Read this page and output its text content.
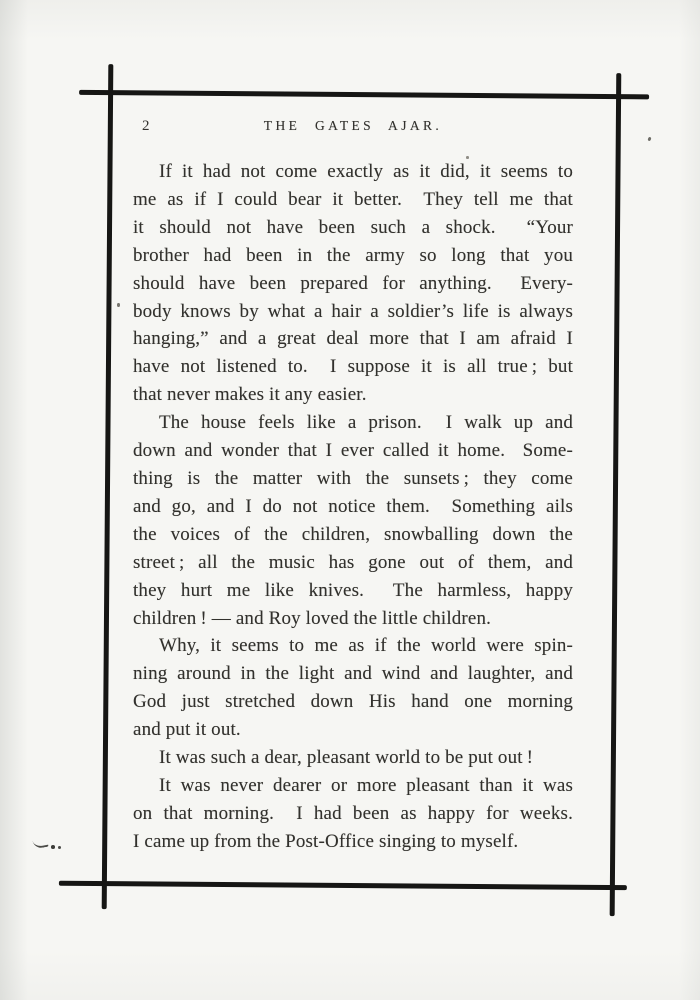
2	THE GATES AJAR.
If it had not come exactly as it did, it seems to
me as if I could bear it better.  They tell me that
it should not have been such a shock.  “Your
brother had been in the army so long that you
should have been prepared for anything.  Every-
body knows by what a hair a soldier’s life is always
hanging,” and a great deal more that I am afraid I
have not listened to.  I suppose it is all true ; but
that never makes it any easier.
The house feels like a prison.  I walk up and
down and wonder that I ever called it home.  Some-
thing is the matter with the sunsets ; they come
and go, and I do not notice them.  Something ails
the voices of the children, snowballing down the
street ; all the music has gone out of them, and
they hurt me like knives.  The harmless, happy
children ! — and Roy loved the little children.
Why, it seems to me as if the world were spin-
ning around in the light and wind and laughter, and
God just stretched down His hand one morning
and put it out.
It was such a dear, pleasant world to be put out !
It was never dearer or more pleasant than it was
on that morning.  I had been as happy for weeks.
I came up from the Post-Office singing to myself.
